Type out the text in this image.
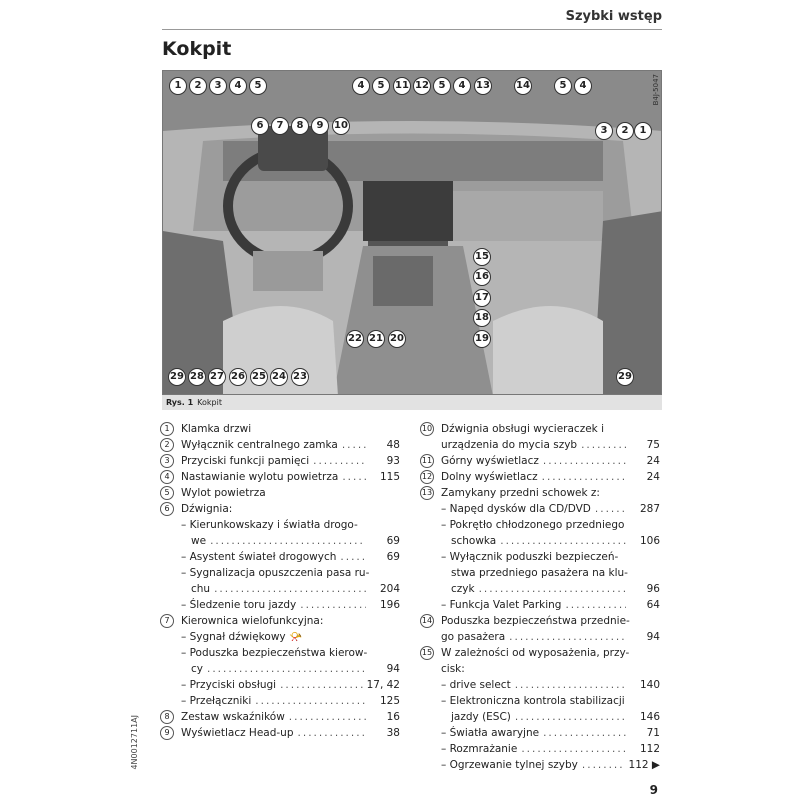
Szybki wstęp
Kokpit
B4J-5047
1	2	3	4	5	4	5	11 12 5	4	13	14	5	4
6	7	8	9	10	3	2	1
15
16
17
18
19
22 21 20
29 28 27 26 25 24 23	29
Rys. 1 Kokpit
1	Klamka drzwi
2	Wyłącznik centralnego zamka .....	48
3	Przyciski funkcji pamięci .....	93
4	Nastawianie wylotu powietrza .....	115
5	Wylot powietrza
6	Dźwignia:
– Kierunkowskazy i światła drogo-
we .....	69
– Asystent świateł drogowych .....	69
– Sygnalizacja opuszczenia pasa ru-
chu .....	204
– Śledzenie toru jazdy .....	196
7	Kierownica wielofunkcyjna:
– Sygnał dźwiękowy 📯
– Poduszka bezpieczeństwa kierow-
cy .....	94
– Przyciski obsługi .....	17, 42
– Przełączniki .....	125
8	Zestaw wskaźników .....	16
9	Wyświetlacz Head-up .....	38
10 Dźwignia obsługi wycieraczek i
urządzenia do mycia szyb .....	75
11 Górny wyświetlacz .....	24
12 Dolny wyświetlacz .....	24
13 Zamykany przedni schowek z:
– Napęd dysków dla CD/DVD .....	287
– Pokrętło chłodzonego przedniego
schowka .....	106
– Wyłącznik poduszki bezpieczeń-
stwa przedniego pasażera na klu-
czyk .....	96
– Funkcja Valet Parking .....	64
14 Poduszka bezpieczeństwa przednie-
go pasażera .....	94
15 W zależności od wyposażenia, przy-
cisk:
– drive select .....	140
– Elektroniczna kontrola stabilizacji
jazdy (ESC) .....	146
– Światła awaryjne .....	71
– Rozmrażanie .....	112
– Ogrzewanie tylnej szyby .....	112 ▶
4N0012711AJ
9
